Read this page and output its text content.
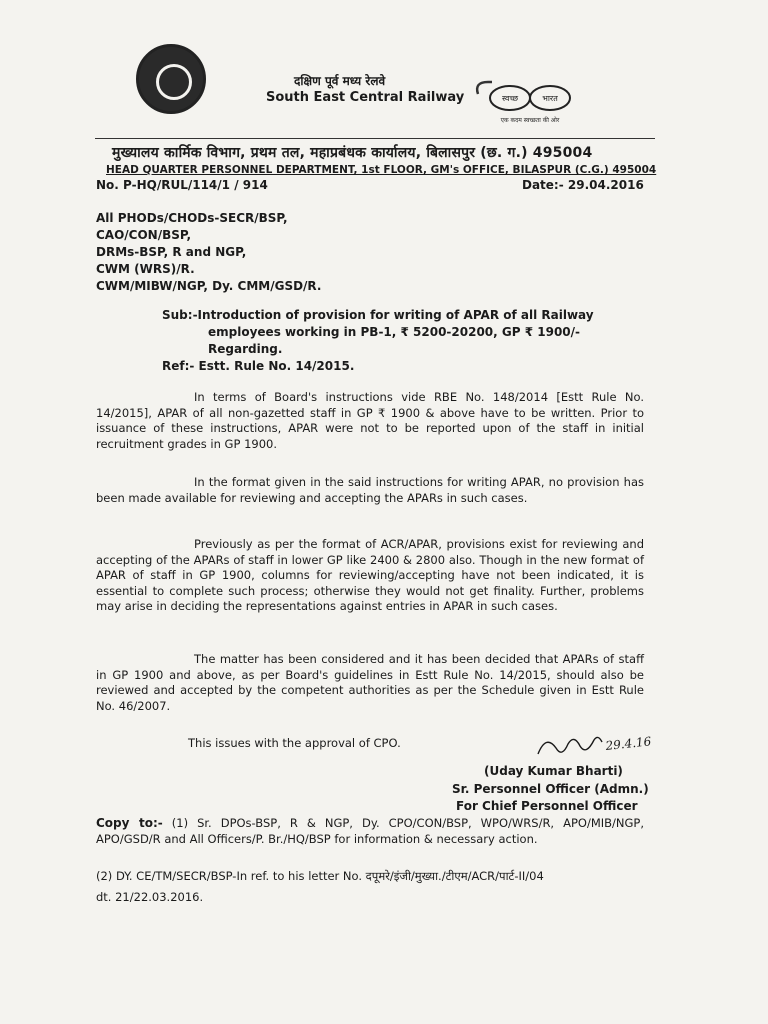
दक्षिण पूर्व मध्य रेलवे
South East Central Railway	स्वच्छ	भारत
एक कदम स्वच्छता की ओर
मुख्यालय कार्मिक विभाग, प्रथम तल, महाप्रबंधक कार्यालय, बिलासपुर (छ. ग.) 495004
HEAD QUARTER PERSONNEL DEPARTMENT, 1st FLOOR, GM's OFFICE, BILASPUR (C.G.) 495004
No. P-HQ/RUL/114/1 / 914	Date:- 29.04.2016
All PHODs/CHODs-SECR/BSP,
CAO/CON/BSP,
DRMs-BSP, R and NGP,
CWM (WRS)/R.
CWM/MIBW/NGP, Dy. CMM/GSD/R.
Sub:-Introduction of provision for writing of APAR of all Railway
employees working in PB-1, ₹ 5200-20200, GP ₹ 1900/-
Regarding.
Ref:- Estt. Rule No. 14/2015.
In terms of Board's instructions vide RBE No. 148/2014 [Estt Rule No. 14/2015], APAR of all non-gazetted staff in GP ₹ 1900 & above have to be written. Prior to issuance of these instructions, APAR were not to be reported upon of the staff in initial recruitment grades in GP 1900.
In the format given in the said instructions for writing APAR, no provision has been made available for reviewing and accepting the APARs in such cases.
Previously as per the format of ACR/APAR, provisions exist for reviewing and accepting of the APARs of staff in lower GP like 2400 & 2800 also. Though in the new format of APAR of staff in GP 1900, columns for reviewing/accepting have not been indicated, it is essential to complete such process; otherwise they would not get finality. Further, problems may arise in deciding the representations against entries in APAR in such cases.
The matter has been considered and it has been decided that APARs of staff in GP 1900 and above, as per Board's guidelines in Estt Rule No. 14/2015, should also be reviewed and accepted by the competent authorities as per the Schedule given in Estt Rule No. 46/2007.
This issues with the approval of CPO.	29.4.16
(Uday Kumar Bharti)
Sr. Personnel Officer (Admn.)
For Chief Personnel Officer
Copy to:- (1) Sr. DPOs-BSP, R & NGP, Dy. CPO/CON/BSP, WPO/WRS/R, APO/MIB/NGP, APO/GSD/R and All Officers/P. Br./HQ/BSP for information & necessary action.
(2) DY. CE/TM/SECR/BSP-In ref. to his letter No. दपूमरे/इंजी/मुख्या./टीएम/ACR/पार्ट-II/04
dt. 21/22.03.2016.
